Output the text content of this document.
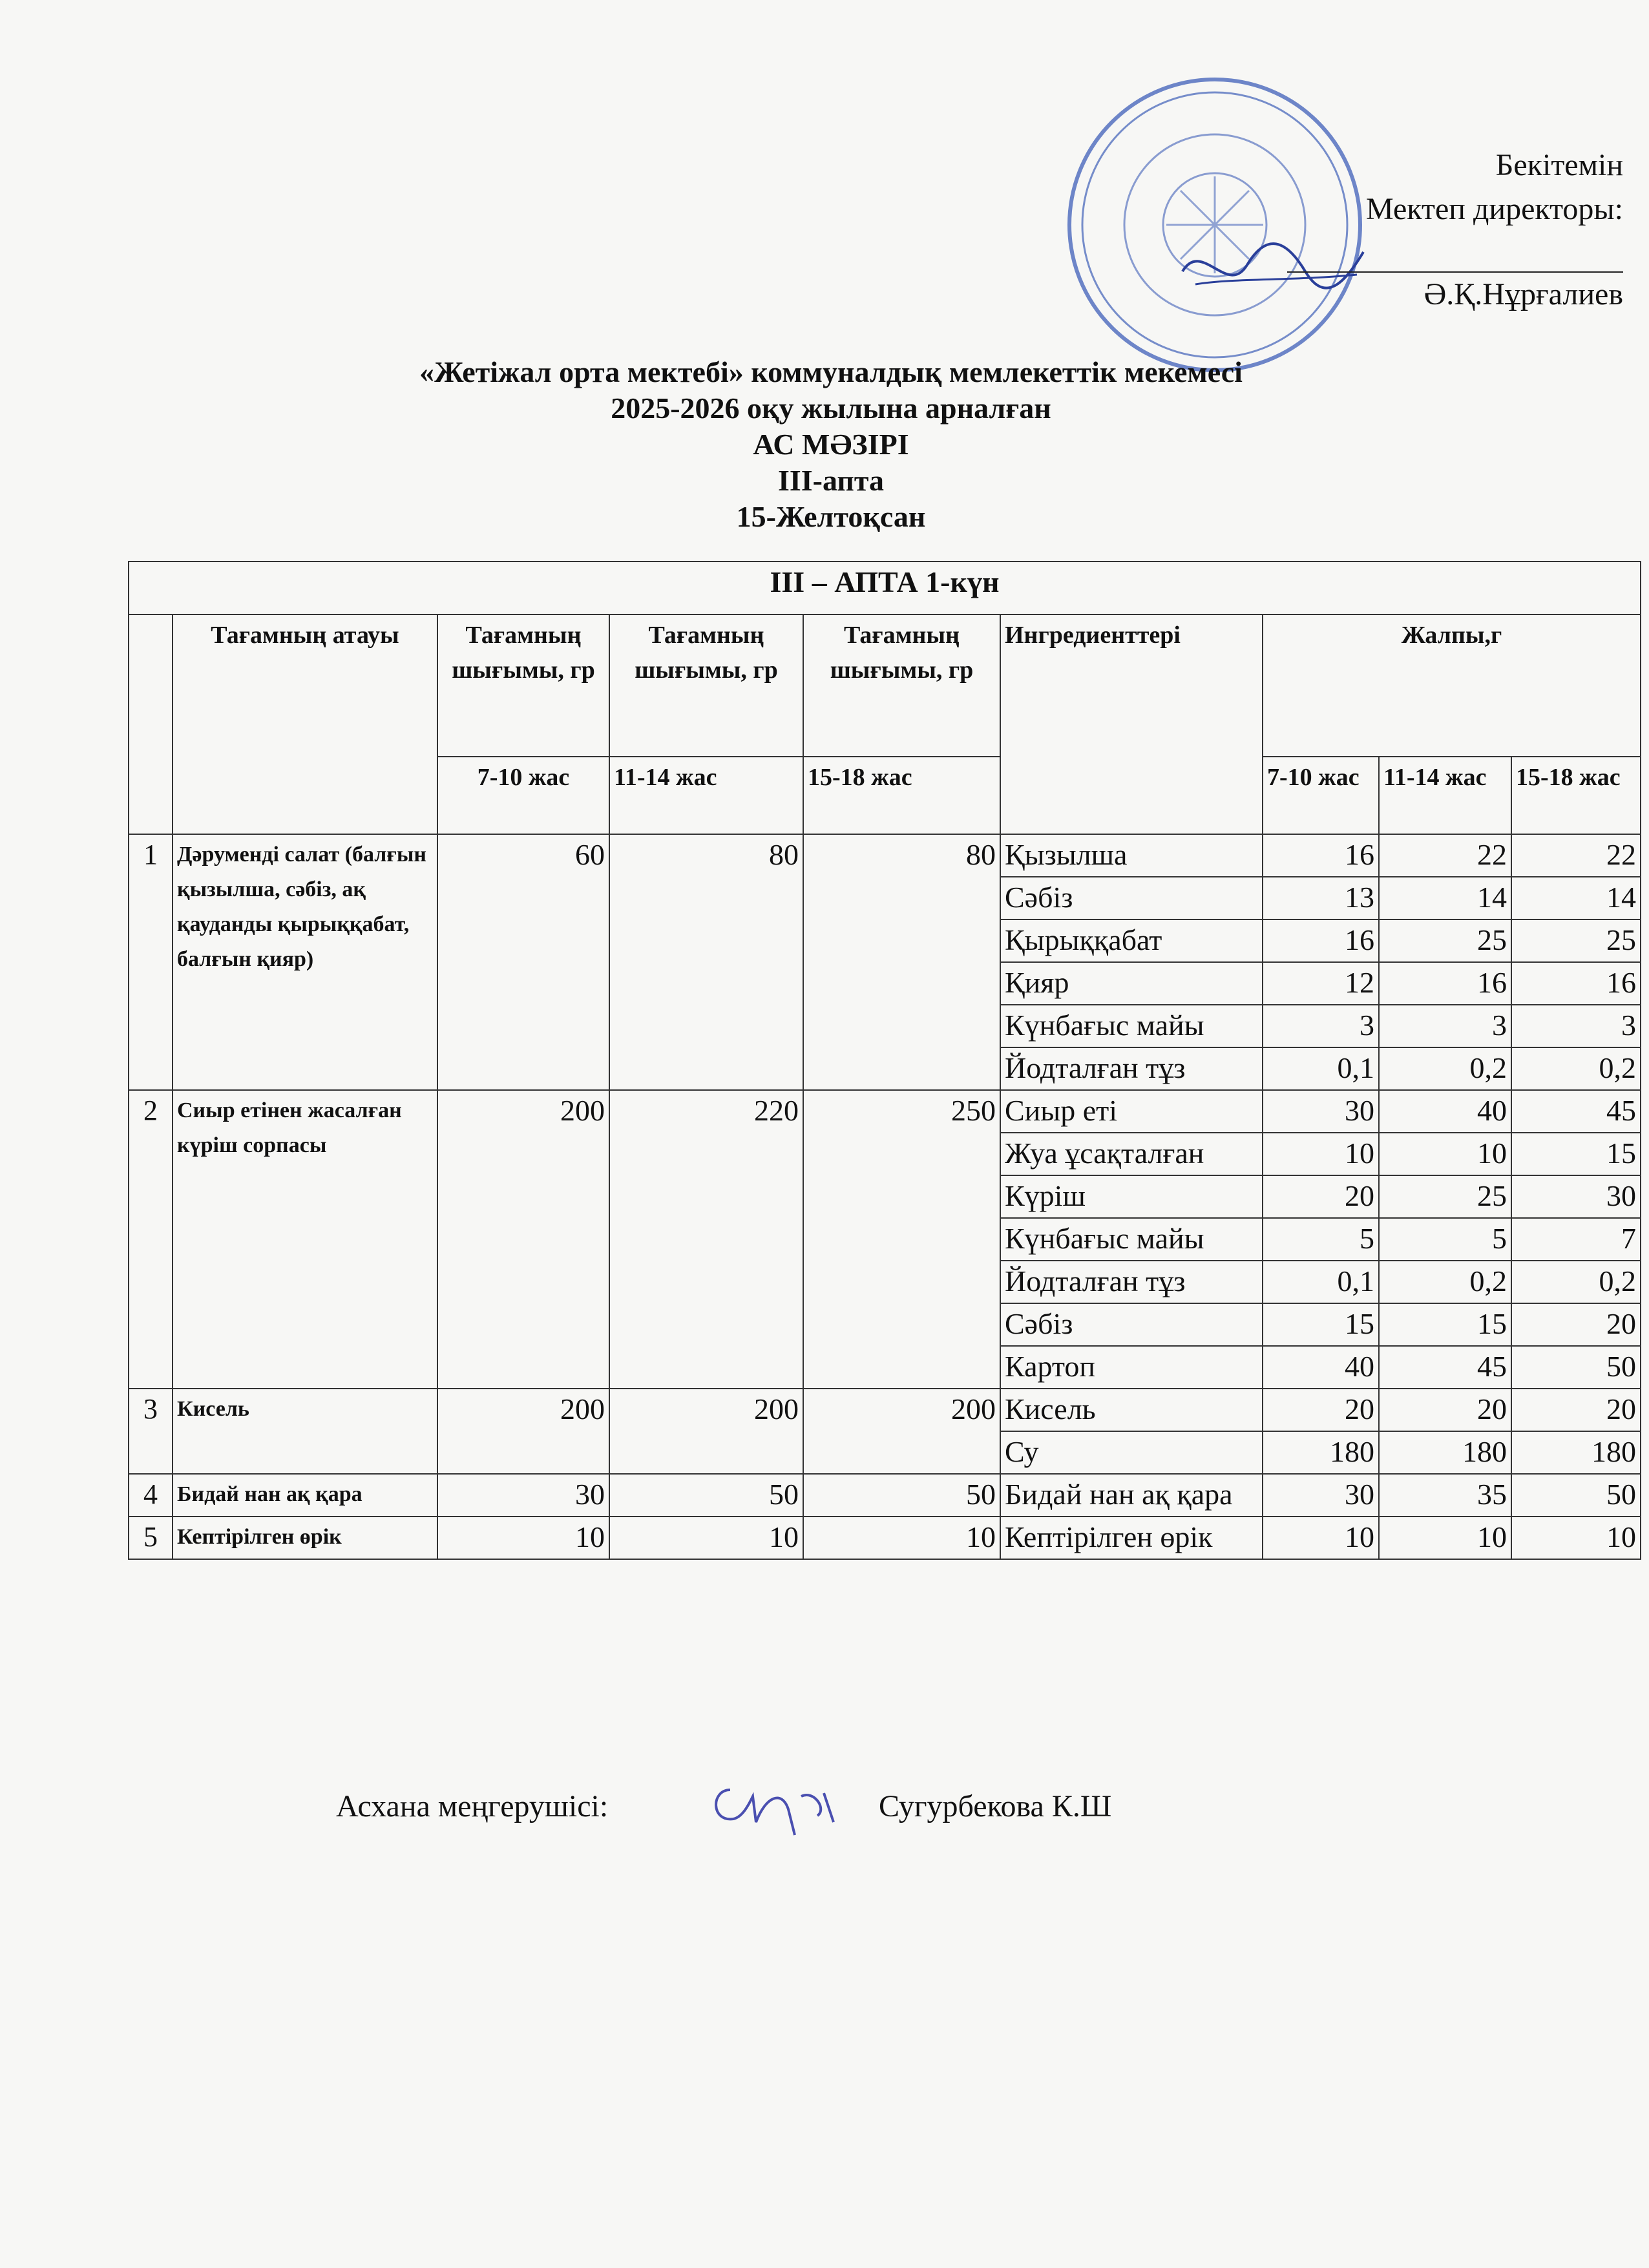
Бекітемін
Мектеп директоры:
Ә.Қ.Нұрғалиев
«Жетіжал орта мектебі» коммуналдық мемлекеттік мекемесі
2025-2026 оқу жылына арналған
АС МӘЗІРІ
ІІІ-апта
15-Желтоқсан
ІІІ – АПТА 1-күн								
	Тағамның атауы	Тағамның шығымы, гр	Тағамның шығымы, гр	Тағамның шығымы, гр	Ингредиенттері	Жалпы,г		
		7-10 жас	11-14 жас	15-18 жас		7-10 жас	11-14 жас	15-18 жас
1	Дәруменді салат (балғын қызылша, сәбіз, ақ қауданды қырыққабат, балғын қияр)	60	80	80	Қызылша	16	22	22
					Сәбіз	13	14	14
					Қырыққабат	16	25	25
					Қияр	12	16	16
					Күнбағыс майы	3	3	3
					Йодталған тұз	0,1	0,2	0,2
2	Сиыр етінен жасалған күріш сорпасы	200	220	250	Сиыр еті	30	40	45
					Жуа ұсақталған	10	10	15
					Күріш	20	25	30
					Күнбағыс майы	5	5	7
					Йодталған тұз	0,1	0,2	0,2
					Сәбіз	15	15	20
					Картоп	40	45	50
3	Кисель	200	200	200	Кисель	20	20	20
					Су	180	180	180
4	Бидай нан ақ қара	30	50	50	Бидай нан ақ қара	30	35	50
5	Кептірілген өрік	10	10	10	Кептірілген өрік	10	10	10
Асхана меңгерушісі:	Сугурбекова К.Ш
